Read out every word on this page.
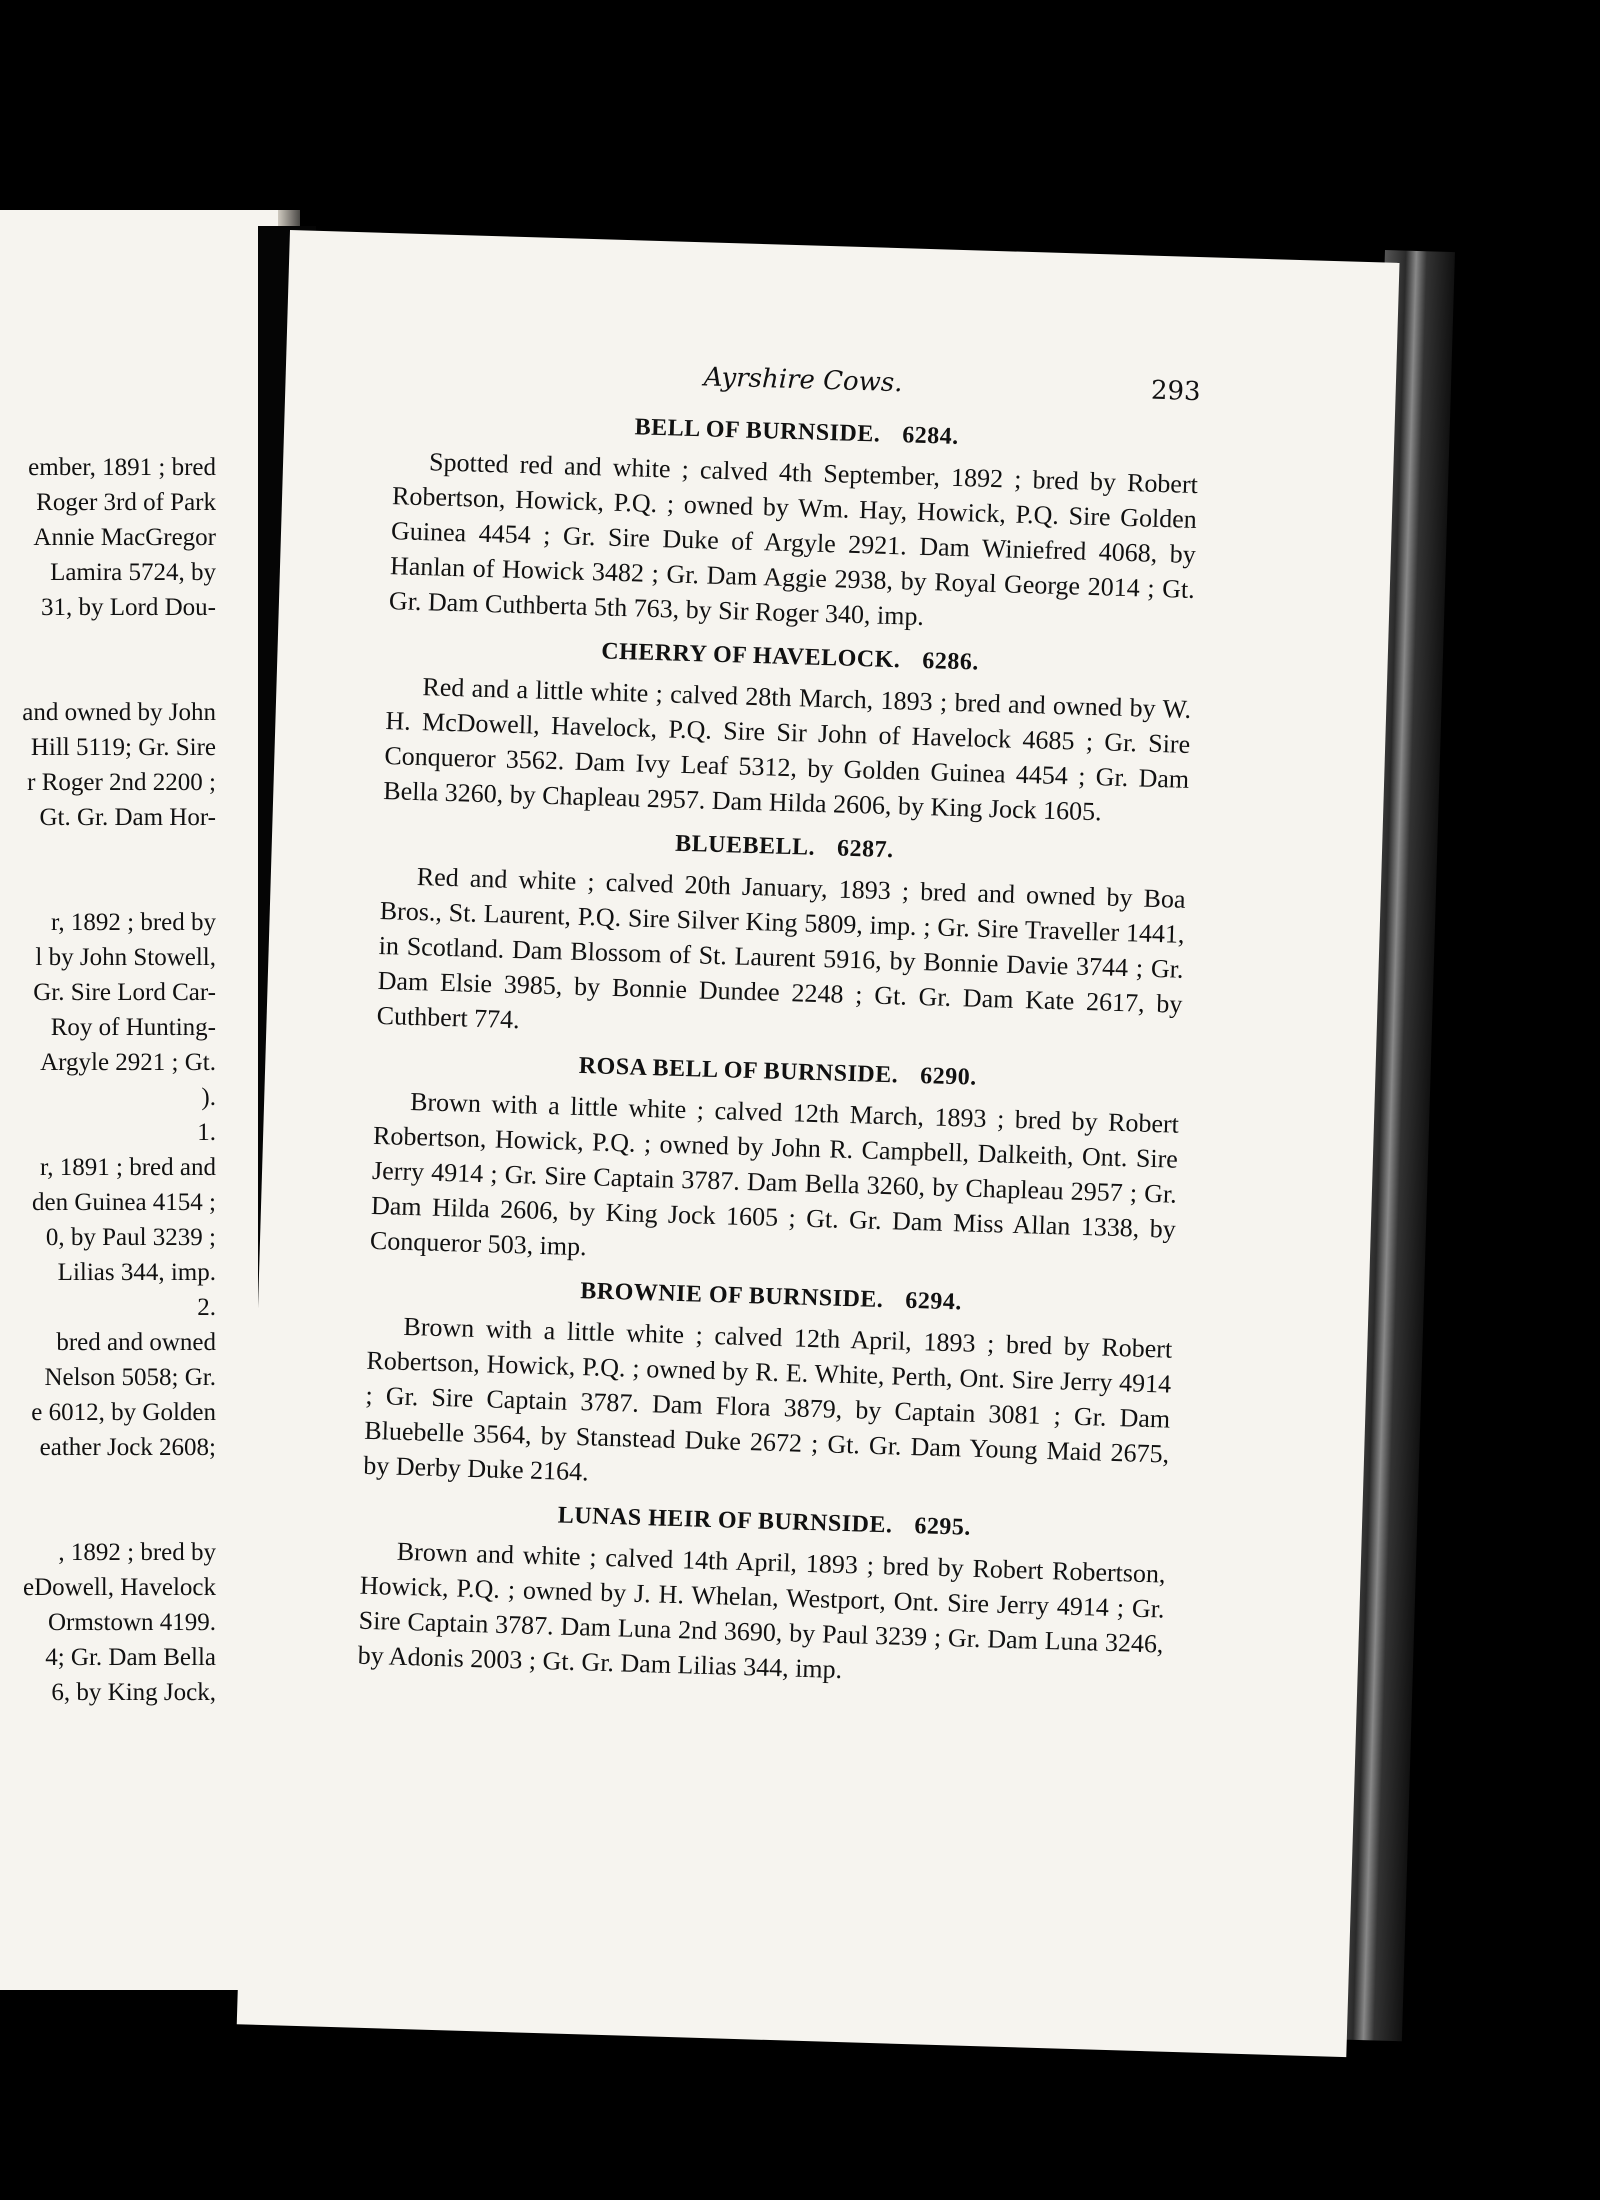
ember, 1891 ; bred
Roger 3rd of Park
Annie MacGregor
Lamira 5724, by
31, by Lord Dou-
and owned by John
Hill 5119; Gr. Sire
r Roger 2nd 2200 ;
Gt. Gr. Dam Hor-
r, 1892 ; bred by
l by John Stowell,
Gr. Sire Lord Car-
Roy of Hunting-
Argyle 2921 ; Gt.
).
1.
r, 1891 ; bred and
den Guinea 4154 ;
0, by Paul 3239 ;
Lilias 344, imp.
2.
bred and owned
Nelson 5058; Gr.
e 6012, by Golden
eather Jock 2608;
, 1892 ; bred by
eDowell, Havelock
Ormstown 4199.
4; Gr. Dam Bella
6, by King Jock,
Ayrshire Cows.	293
BELL OF BURNSIDE. 6284.
Spotted red and white ; calved 4th September, 1892 ; bred by Robert Robertson, Howick, P.Q. ; owned by Wm. Hay, Howick, P.Q. Sire Golden Guinea 4454 ; Gr. Sire Duke of Argyle 2921. Dam Winiefred 4068, by Hanlan of Howick 3482 ; Gr. Dam Aggie 2938, by Royal George 2014 ; Gt. Gr. Dam Cuthberta 5th 763, by Sir Roger 340, imp.
CHERRY OF HAVELOCK. 6286.
Red and a little white ; calved 28th March, 1893 ; bred and owned by W. H. McDowell, Havelock, P.Q. Sire Sir John of Havelock 4685 ; Gr. Sire Conqueror 3562. Dam Ivy Leaf 5312, by Golden Guinea 4454 ; Gr. Dam Bella 3260, by Chapleau 2957. Dam Hilda 2606, by King Jock 1605.
BLUEBELL. 6287.
Red and white ; calved 20th January, 1893 ; bred and owned by Boa Bros., St. Laurent, P.Q. Sire Silver King 5809, imp. ; Gr. Sire Traveller 1441, in Scotland. Dam Blossom of St. Laurent 5916, by Bonnie Davie 3744 ; Gr. Dam Elsie 3985, by Bonnie Dundee 2248 ; Gt. Gr. Dam Kate 2617, by Cuthbert 774.
ROSA BELL OF BURNSIDE. 6290.
Brown with a little white ; calved 12th March, 1893 ; bred by Robert Robertson, Howick, P.Q. ; owned by John R. Campbell, Dalkeith, Ont. Sire Jerry 4914 ; Gr. Sire Captain 3787. Dam Bella 3260, by Chapleau 2957 ; Gr. Dam Hilda 2606, by King Jock 1605 ; Gt. Gr. Dam Miss Allan 1338, by Conqueror 503, imp.
BROWNIE OF BURNSIDE. 6294.
Brown with a little white ; calved 12th April, 1893 ; bred by Robert Robertson, Howick, P.Q. ; owned by R. E. White, Perth, Ont. Sire Jerry 4914 ; Gr. Sire Captain 3787. Dam Flora 3879, by Captain 3081 ; Gr. Dam Bluebelle 3564, by Stanstead Duke 2672 ; Gt. Gr. Dam Young Maid 2675, by Derby Duke 2164.
LUNAS HEIR OF BURNSIDE. 6295.
Brown and white ; calved 14th April, 1893 ; bred by Robert Robertson, Howick, P.Q. ; owned by J. H. Whelan, Westport, Ont. Sire Jerry 4914 ; Gr. Sire Captain 3787. Dam Luna 2nd 3690, by Paul 3239 ; Gr. Dam Luna 3246, by Adonis 2003 ; Gt. Gr. Dam Lilias 344, imp.
